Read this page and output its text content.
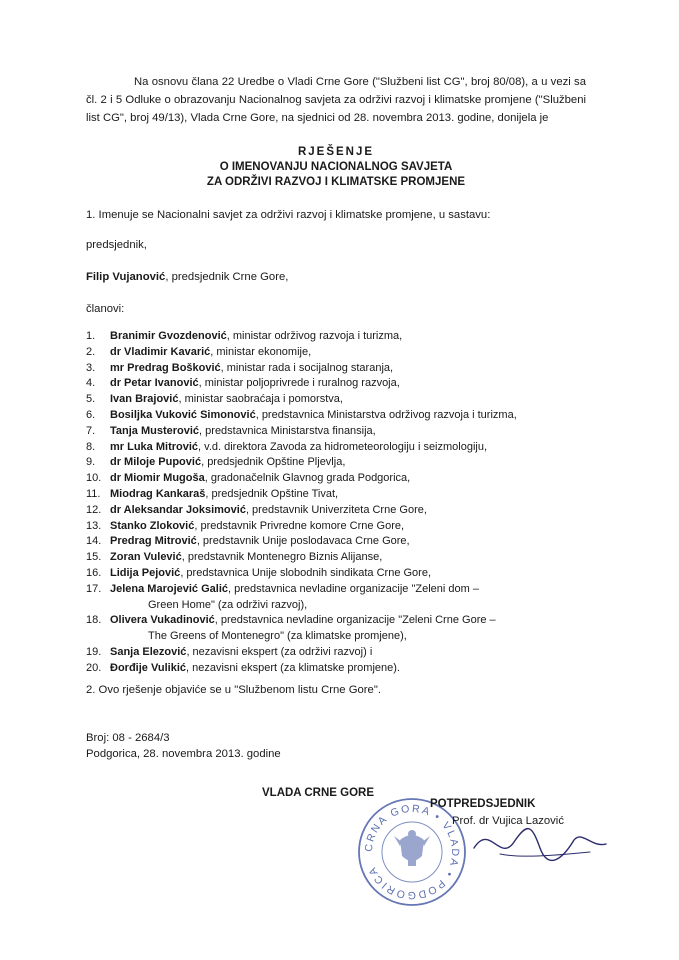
Na osnovu člana 22 Uredbe o Vladi Crne Gore ("Službeni list CG", broj 80/08), a u vezi sa čl. 2 i 5 Odluke o obrazovanju Nacionalnog savjeta za održivi razvoj i klimatske promjene ("Službeni list CG", broj 49/13), Vlada Crne Gore, na sjednici od 28. novembra 2013. godine, donijela je
RJEŠENJE
O IMENOVANJU NACIONALNOG SAVJETA
ZA ODRŽIVI RAZVOJ I KLIMATSKE PROMJENE
1. Imenuje se Nacionalni savjet za održivi razvoj i klimatske promjene, u sastavu:
predsjednik,
Filip Vujanović, predsjednik Crne Gore,
članovi:
1.	Branimir Gvozdenović, ministar održivog razvoja i turizma,
2.	dr Vladimir Kavarić, ministar ekonomije,
3.	mr Predrag Bošković, ministar rada i socijalnog staranja,
4.	dr Petar Ivanović, ministar poljoprivrede i ruralnog razvoja,
5.	Ivan Brajović, ministar saobraćaja i pomorstva,
6.	Bosiljka Vuković Simonović, predstavnica Ministarstva održivog razvoja i turizma,
7.	Tanja Musterović, predstavnica Ministarstva finansija,
8.	mr Luka Mitrović, v.d. direktora Zavoda za hidrometeorologiju i seizmologiju,
9.	dr Miloje Pupović, predsjednik Opštine Pljevlja,
10. dr Miomir Mugoša, gradonačelnik Glavnog grada Podgorica,
11. Miodrag Kankaraš, predsjednik Opštine Tivat,
12. dr Aleksandar Joksimović, predstavnik Univerziteta Crne Gore,
13. Stanko Zloković, predstavnik Privredne komore Crne Gore,
14. Predrag Mitrović, predstavnik Unije poslodavaca Crne Gore,
15. Zoran Vulević, predstavnik Montenegro Biznis Alijanse,
16. Lidija Pejović, predstavnica Unije slobodnih sindikata Crne Gore,
17. Jelena Marojević Galić, predstavnica nevladine organizacije "Zeleni dom –
Green Home" (za održivi razvoj),
18. Olivera Vukadinović, predstavnica nevladine organizacije "Zeleni Crne Gore –
The Greens of Montenegro" (za klimatske promjene),
19. Sanja Elezović, nezavisni ekspert (za održivi razvoj) i
20. Đorđije Vulikić, nezavisni ekspert (za klimatske promjene).
2. Ovo rješenje objaviće se u "Službenom listu Crne Gore".
Broj: 08 - 2684/3
Podgorica, 28. novembra 2013. godine
VLADA CRNE GORE
CRNA GORA • VLADA • PODGORICA
POTPREDSJEDNIK
Prof. dr Vujica Lazović
